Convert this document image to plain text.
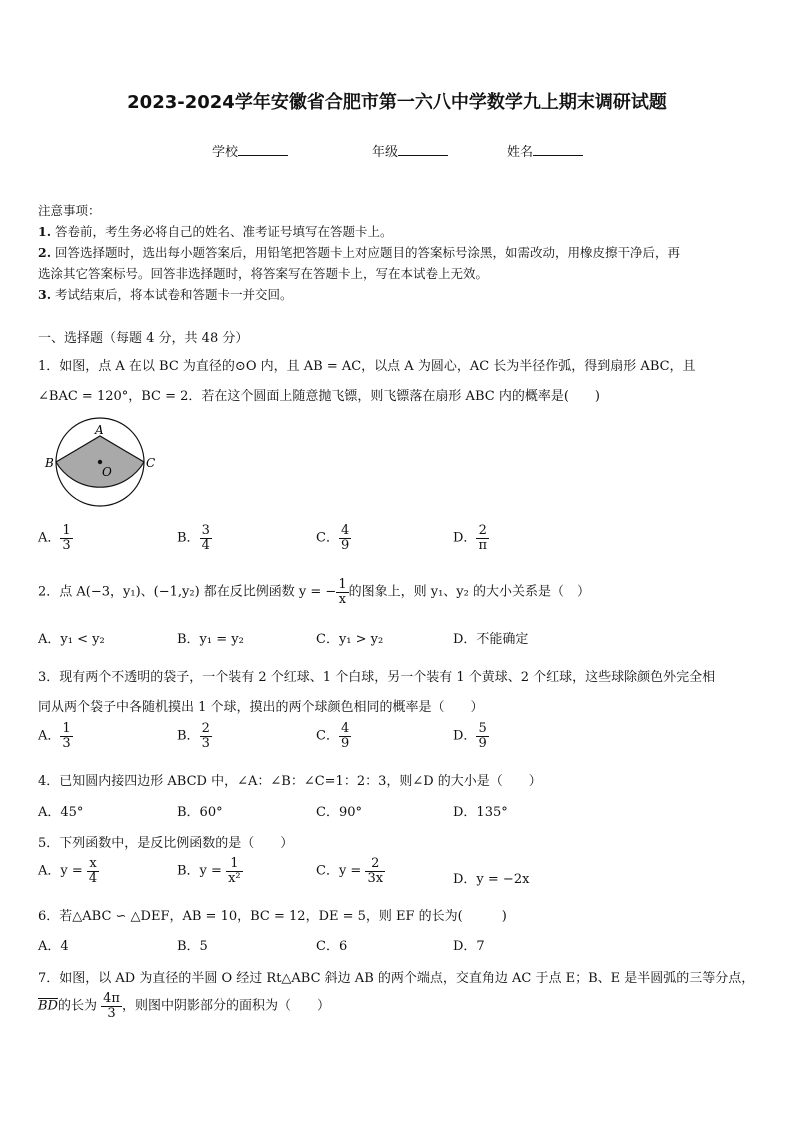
2023-2024学年安徽省合肥市第一六八中学数学九上期末调研试题
学校	年级	姓名
注意事项：
1. 答卷前，考生务必将自己的姓名、准考证号填写在答题卡上。
2. 回答选择题时，选出每小题答案后，用铅笔把答题卡上对应题目的答案标号涂黑，如需改动，用橡皮擦干净后，再
选涂其它答案标号。回答非选择题时，将答案写在答题卡上，写在本试卷上无效。
3. 考试结束后，将本试卷和答题卡一并交回。
一、选择题（每题 4 分，共 48 分）
1．如图，点 A 在以 BC 为直径的⊙O 内，且 AB = AC，以点 A 为圆心，AC 长为半径作弧，得到扇形 ABC，且
∠BAC = 120°，BC = 2．若在这个圆面上随意抛飞镖，则飞镖落在扇形 ABC 内的概率是(　　)
A
B	C
O
A． $\frac{1}{3}$	B． $\frac{3}{4}$	C． $\frac{4}{9}$	D． $\frac{2}{\pi}$
2．点 A(−3，y₁)、(−1,y₂) 都在反比例函数 y = − $\frac{1}{x}$ 的图象上，则 y₁、y₂ 的大小关系是（　）
A．y₁ < y₂	B．y₁ = y₂	C．y₁ > y₂	D．不能确定
3．现有两个不透明的袋子，一个装有 2 个红球、1 个白球，另一个装有 1 个黄球、2 个红球，这些球除颜色外完全相
同从两个袋子中各随机摸出 1 个球，摸出的两个球颜色相同的概率是（　　）
A． $\frac{1}{3}$	B． $\frac{2}{3}$	C． $\frac{4}{9}$	D． $\frac{5}{9}$
4．已知圆内接四边形 ABCD 中，∠A：∠B：∠C=1：2：3，则∠D 的大小是（　　）
A．45°	B．60°	C．90°	D．135°
5．下列函数中，是反比例函数的是（　　）
A．$y = \frac{x}{4}$	B．$y = \frac{1}{\text{x²}}$	C．$y = \frac{2}{3x}$	D．y = −2x
6．若△ABC ∽ △DEF，AB = 10，BC = 12，DE = 5，则 EF 的长为(　　　)
A．4	B．5	C．6	D．7
7．如图，以 AD 为直径的半圆 O 经过 Rt△ABC 斜边 AB 的两个端点，交直角边 AC 于点 E；B、E 是半圆弧的三等分点，
$\overline{BD}$的长为 $\frac{4\pi}{3}$ ，则图中阴影部分的面积为（　　）
